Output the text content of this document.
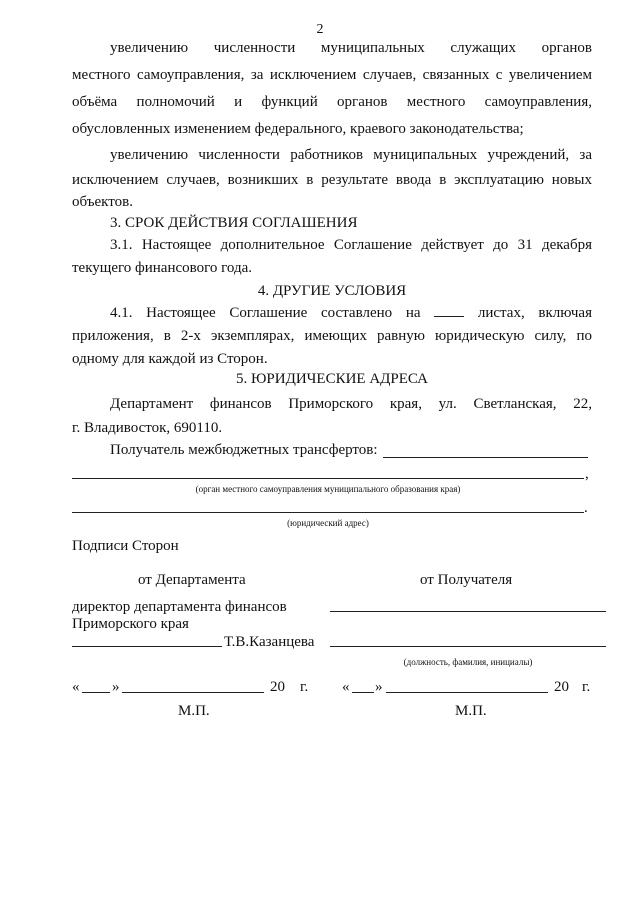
2
увеличению численности муниципальных служащих органов
местного самоуправления, за исключением случаев, связанных с увеличением
объёма полномочий и функций органов местного самоуправления,
обусловленных изменением федерального, краевого законодательства;
увеличению численности работников муниципальных учреждений, за
исключением случаев, возникших в результате ввода в эксплуатацию новых
объектов.
3. СРОК ДЕЙСТВИЯ СОГЛАШЕНИЯ
3.1. Настоящее дополнительное Соглашение действует до 31 декабря
текущего финансового года.
4. ДРУГИЕ УСЛОВИЯ
4.1. Настоящее Соглашение составлено на	листах, включая
приложения, в 2-х экземплярах, имеющих равную юридическую силу, по
одному для каждой из Сторон.
5. ЮРИДИЧЕСКИЕ АДРЕСА
Департамент финансов Приморского края, ул. Светланская, 22,
г. Владивосток, 690110.
Получатель межбюджетных трансфертов:
,
(орган местного самоуправления муниципального образования края)
.
(юридический адрес)
Подписи Сторон
от Департамента	от Получателя
директор департамента финансов
Приморского края
Т.В.Казанцева
(должность, фамилия, инициалы)
« »	20 г. « »	20 г.
М.П.	М.П.
